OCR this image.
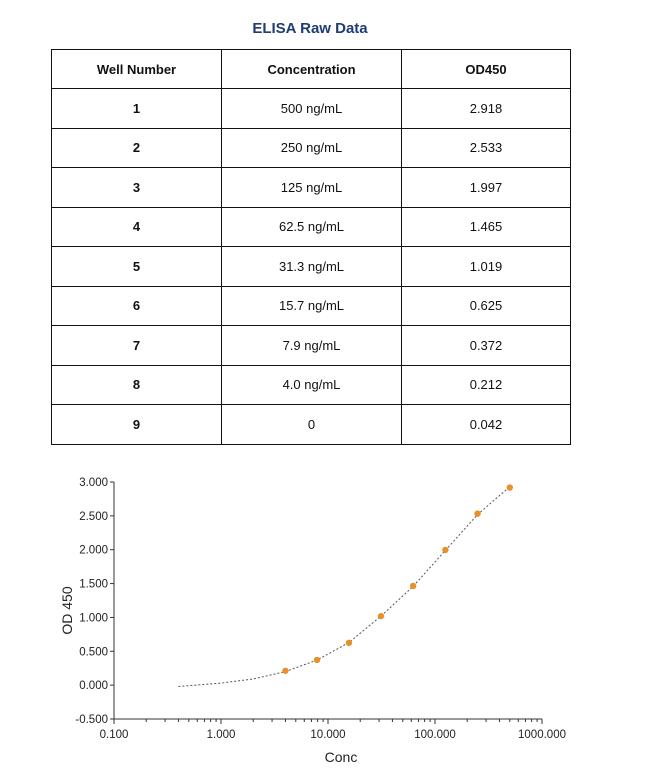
ELISA Raw Data
Well Number	Concentration	OD450
1	500 ng/mL	2.918
2	250 ng/mL	2.533
3	125 ng/mL	1.997
4	62.5 ng/mL	1.465
5	31.3 ng/mL	1.019
6	15.7 ng/mL	0.625
7	7.9 ng/mL	0.372
8	4.0 ng/mL	0.212
9	0	0.042
3.000
2.500
2.000
1.500
1.000
0.500
0.000
-0.500
0.100	1.000	10.000	100.000	1000.000
Conc
OD 450
